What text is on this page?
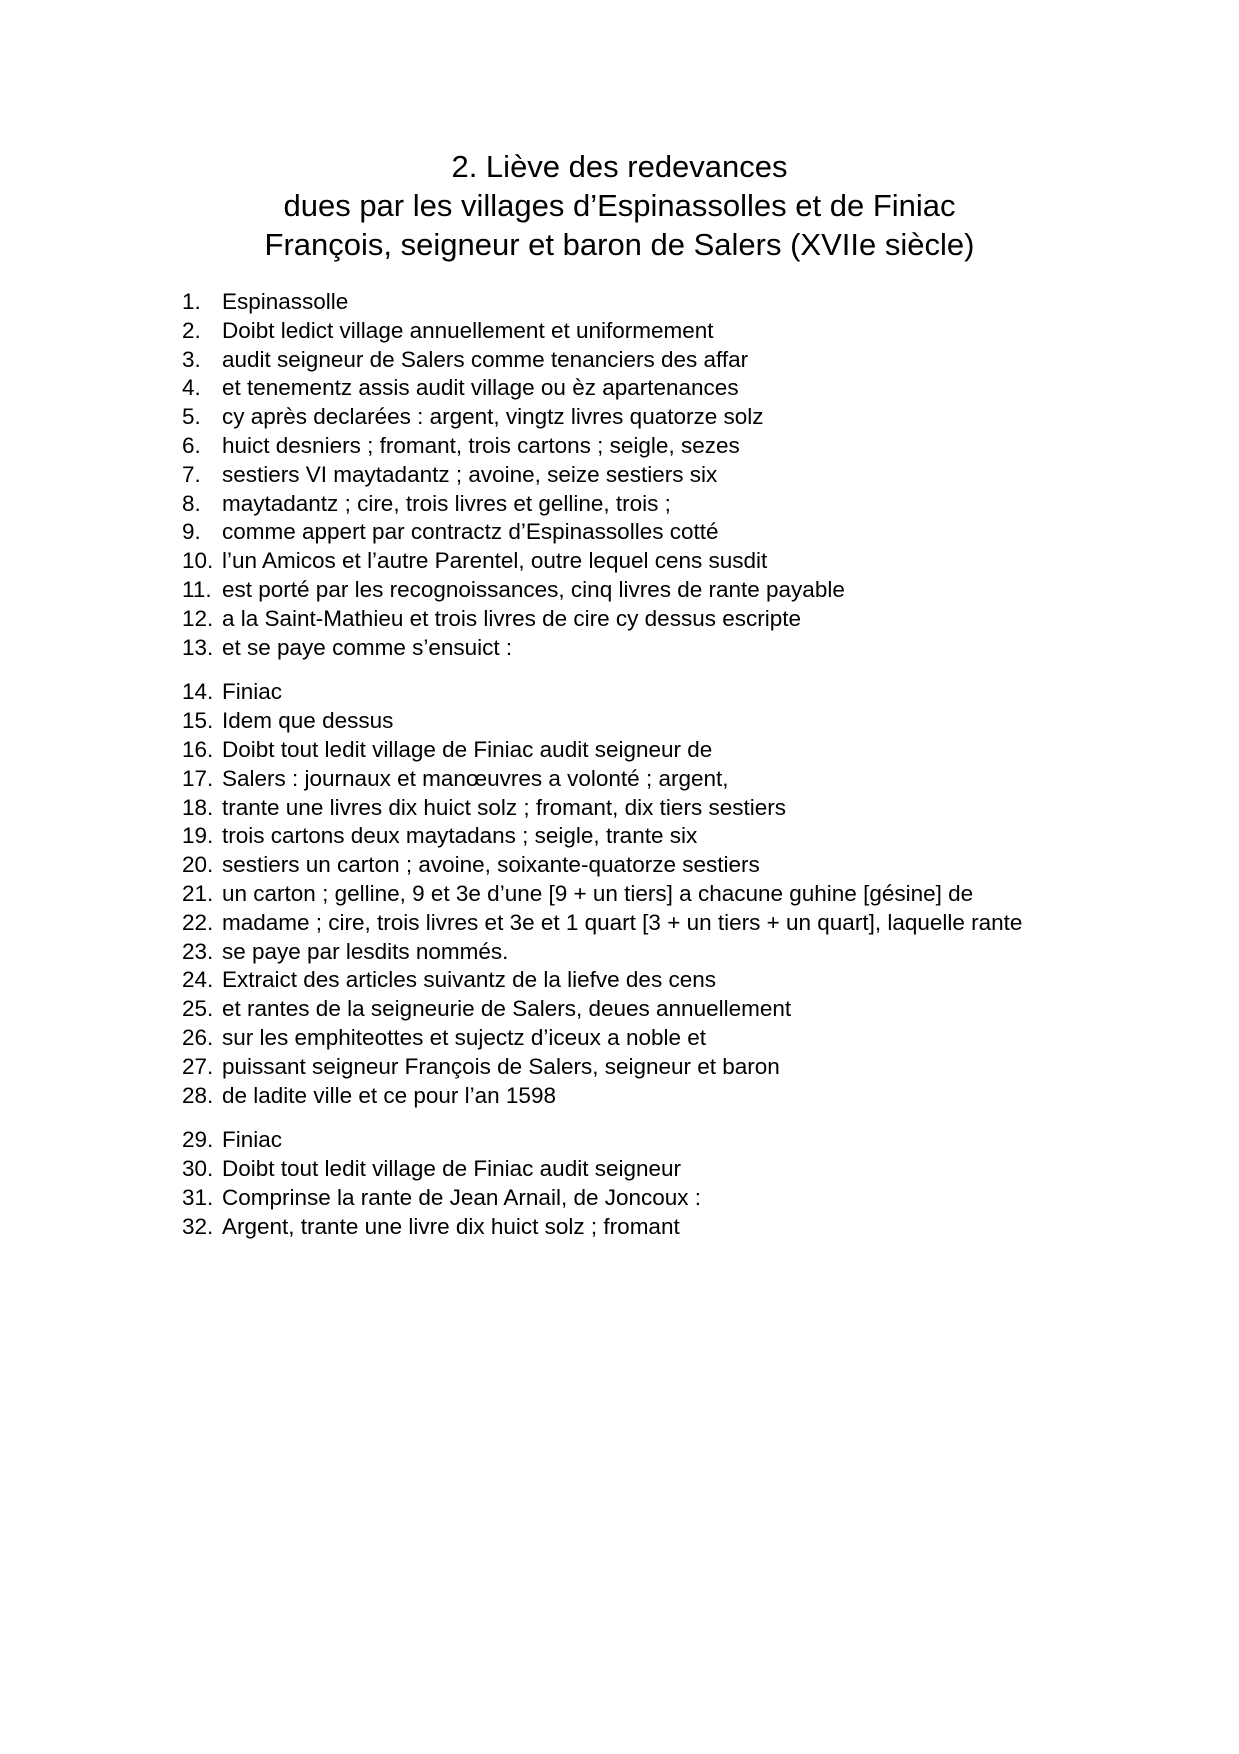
2. Liève des redevances
dues par les villages d’Espinassolles et de Finiac
François, seigneur et baron de Salers (XVIIe siècle)
1. Espinassolle
2. Doibt ledict village annuellement et uniformement
3. audit seigneur de Salers comme tenanciers des affar
4. et tenementz assis audit village ou èz apartenances
5. cy après declarées : argent, vingtz livres quatorze solz
6. huict desniers ; fromant, trois cartons ; seigle, sezes
7. sestiers VI maytadantz ; avoine, seize sestiers six
8. maytadantz ; cire, trois livres et gelline, trois ;
9. comme appert par contractz d’Espinassolles cotté
10. l’un Amicos et l’autre Parentel, outre lequel cens susdit
11. est porté par les recognoissances, cinq livres de rante payable
12. a la Saint-Mathieu et trois livres de cire cy dessus escripte
13. et se paye comme s’ensuict :
14. Finiac
15. Idem que dessus
16. Doibt tout ledit village de Finiac audit seigneur de
17. Salers : journaux et manœuvres a volonté ; argent,
18. trante une livres dix huict solz ; fromant, dix tiers sestiers
19. trois cartons deux maytadans ; seigle, trante six
20. sestiers un carton ; avoine, soixante-quatorze sestiers
21. un carton ; gelline, 9 et 3e d’une [9 + un tiers] a chacune guhine [gésine] de
22. madame ; cire, trois livres et 3e et 1 quart [3 + un tiers + un quart], laquelle rante
23. se paye par lesdits nommés.
24. Extraict des articles suivantz de la liefve des cens
25. et rantes de la seigneurie de Salers, deues annuellement
26. sur les emphiteottes et sujectz d’iceux a noble et
27. puissant seigneur François de Salers, seigneur et baron
28. de ladite ville et ce pour l’an 1598
29. Finiac
30. Doibt tout ledit village de Finiac audit seigneur
31. Comprinse la rante de Jean Arnail, de Joncoux :
32. Argent, trante une livre dix huict solz ; fromant
